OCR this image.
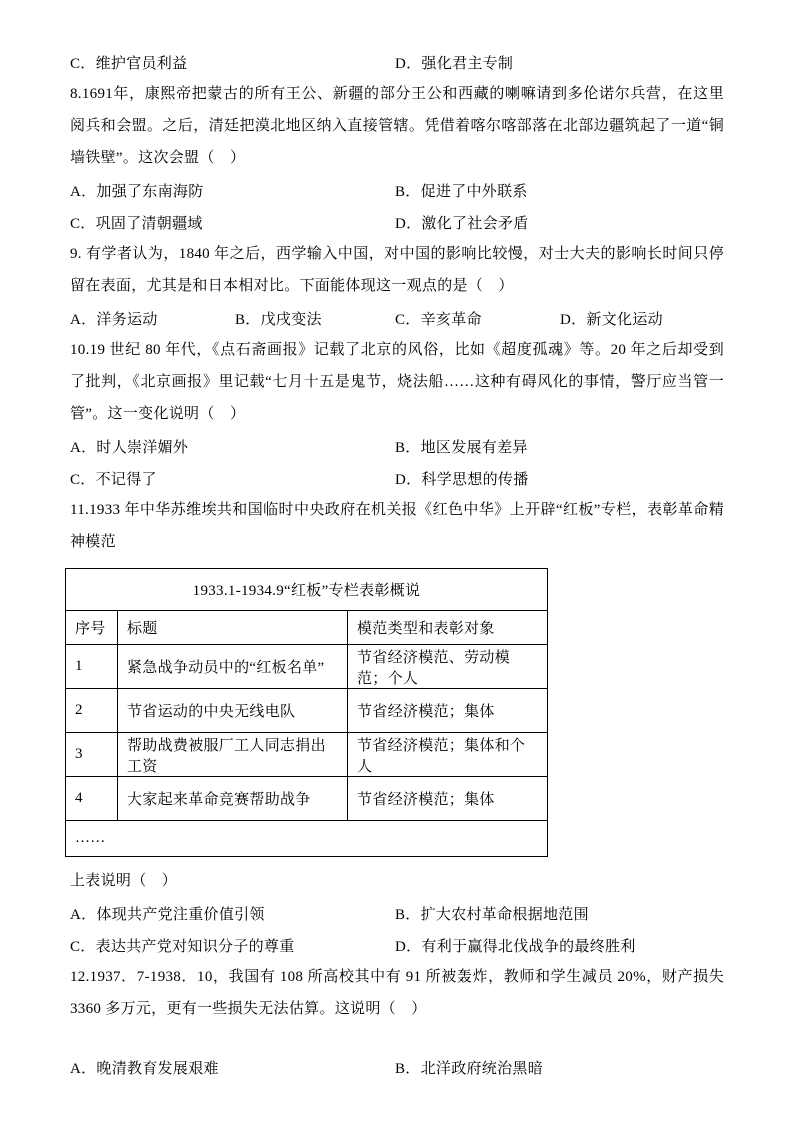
C．维护官员利益	D．强化君主专制

8.1691年，康熙帝把蒙古的所有王公、新疆的部分王公和西藏的喇嘛请到多伦诺尔兵营，在这里阅兵和会盟。之后，清廷把漠北地区纳入直接管辖。凭借着喀尔喀部落在北部边疆筑起了一道“铜墙铁壁”。这次会盟（　）

A．加强了东南海防	B．促进了中外联系
C．巩固了清朝疆域	D．激化了社会矛盾

9. 有学者认为，1840 年之后，西学输入中国，对中国的影响比较慢，对士大夫的影响长时间只停留在表面，尤其是和日本相对比。下面能体现这一观点的是（　）

A．洋务运动	B．戊戌变法	C．辛亥革命	D．新文化运动

10.19 世纪 80 年代，《点石斋画报》记载了北京的风俗，比如《超度孤魂》等。20 年之后却受到了批判，《北京画报》里记载“七月十五是鬼节，烧法船……这种有碍风化的事情，警厅应当管一管”。这一变化说明（　）

A．时人崇洋媚外	B．地区发展有差异
C．不记得了	D．科学思想的传播

11.1933 年中华苏维埃共和国临时中央政府在机关报《红色中华》上开辟“红板”专栏，表彰革命精神模范

1933.1-1934.9“红板”专栏表彰概说		
序号	标题	模范类型和表彰对象
1	紧急战争动员中的“红板名单”	节省经济模范、劳动模范；个人
2	节省运动的中央无线电队	节省经济模范；集体
3	帮助战费被服厂工人同志捐出工资	节省经济模范；集体和个人
4	大家起来革命竞赛帮助战争	节省经济模范；集体
……		

上表说明（　）

A．体现共产党注重价值引领	B．扩大农村革命根据地范围
C．表达共产党对知识分子的尊重	D．有利于赢得北伐战争的最终胜利

12.1937．7-1938．10，我国有 108 所高校其中有 91 所被轰炸，教师和学生减员 20%，财产损失 3360 多万元，更有一些损失无法估算。这说明（　）

A．晚清教育发展艰难	B．北洋政府统治黑暗
